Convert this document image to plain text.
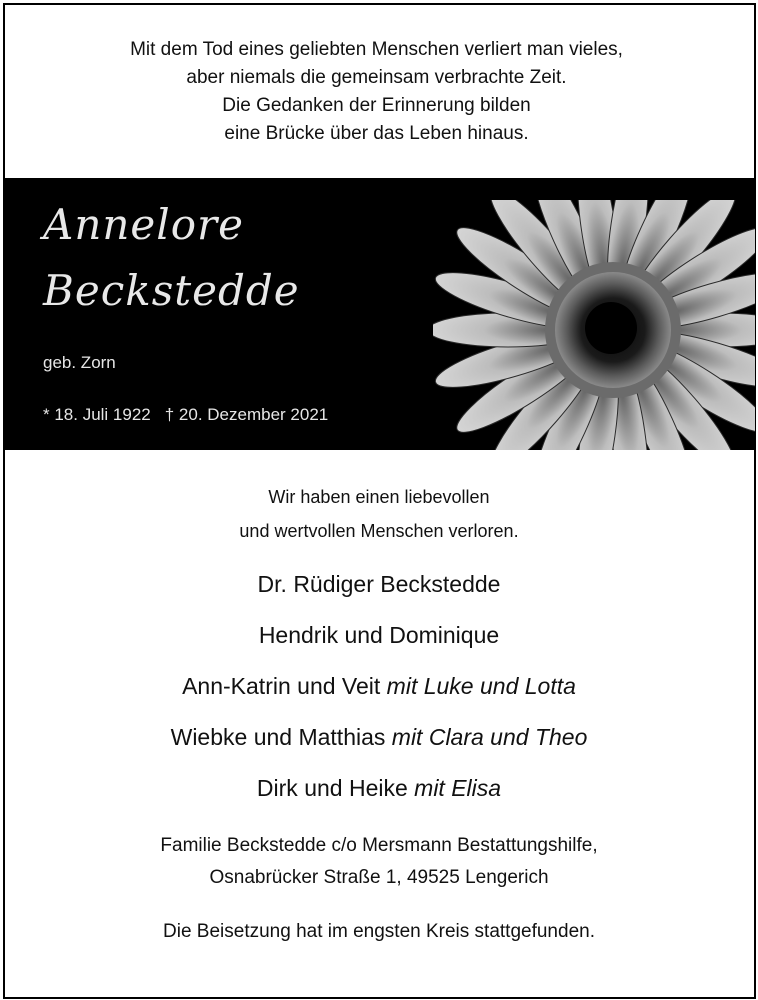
Mit dem Tod eines geliebten Menschen verliert man vieles,
aber niemals die gemeinsam verbrachte Zeit.
Die Gedanken der Erinnerung bilden
eine Brücke über das Leben hinaus.
Annelore
Beckstedde
geb. Zorn
* 18. Juli 1922 † 20. Dezember 2021
Wir haben einen liebevollen
und wertvollen Menschen verloren.
Dr. Rüdiger Beckstedde
Hendrik und Dominique
Ann-Katrin und Veit mit Luke und Lotta
Wiebke und Matthias mit Clara und Theo
Dirk und Heike mit Elisa
Familie Beckstedde c/o Mersmann Bestattungshilfe,
Osnabrücker Straße 1, 49525 Lengerich
Die Beisetzung hat im engsten Kreis stattgefunden.
